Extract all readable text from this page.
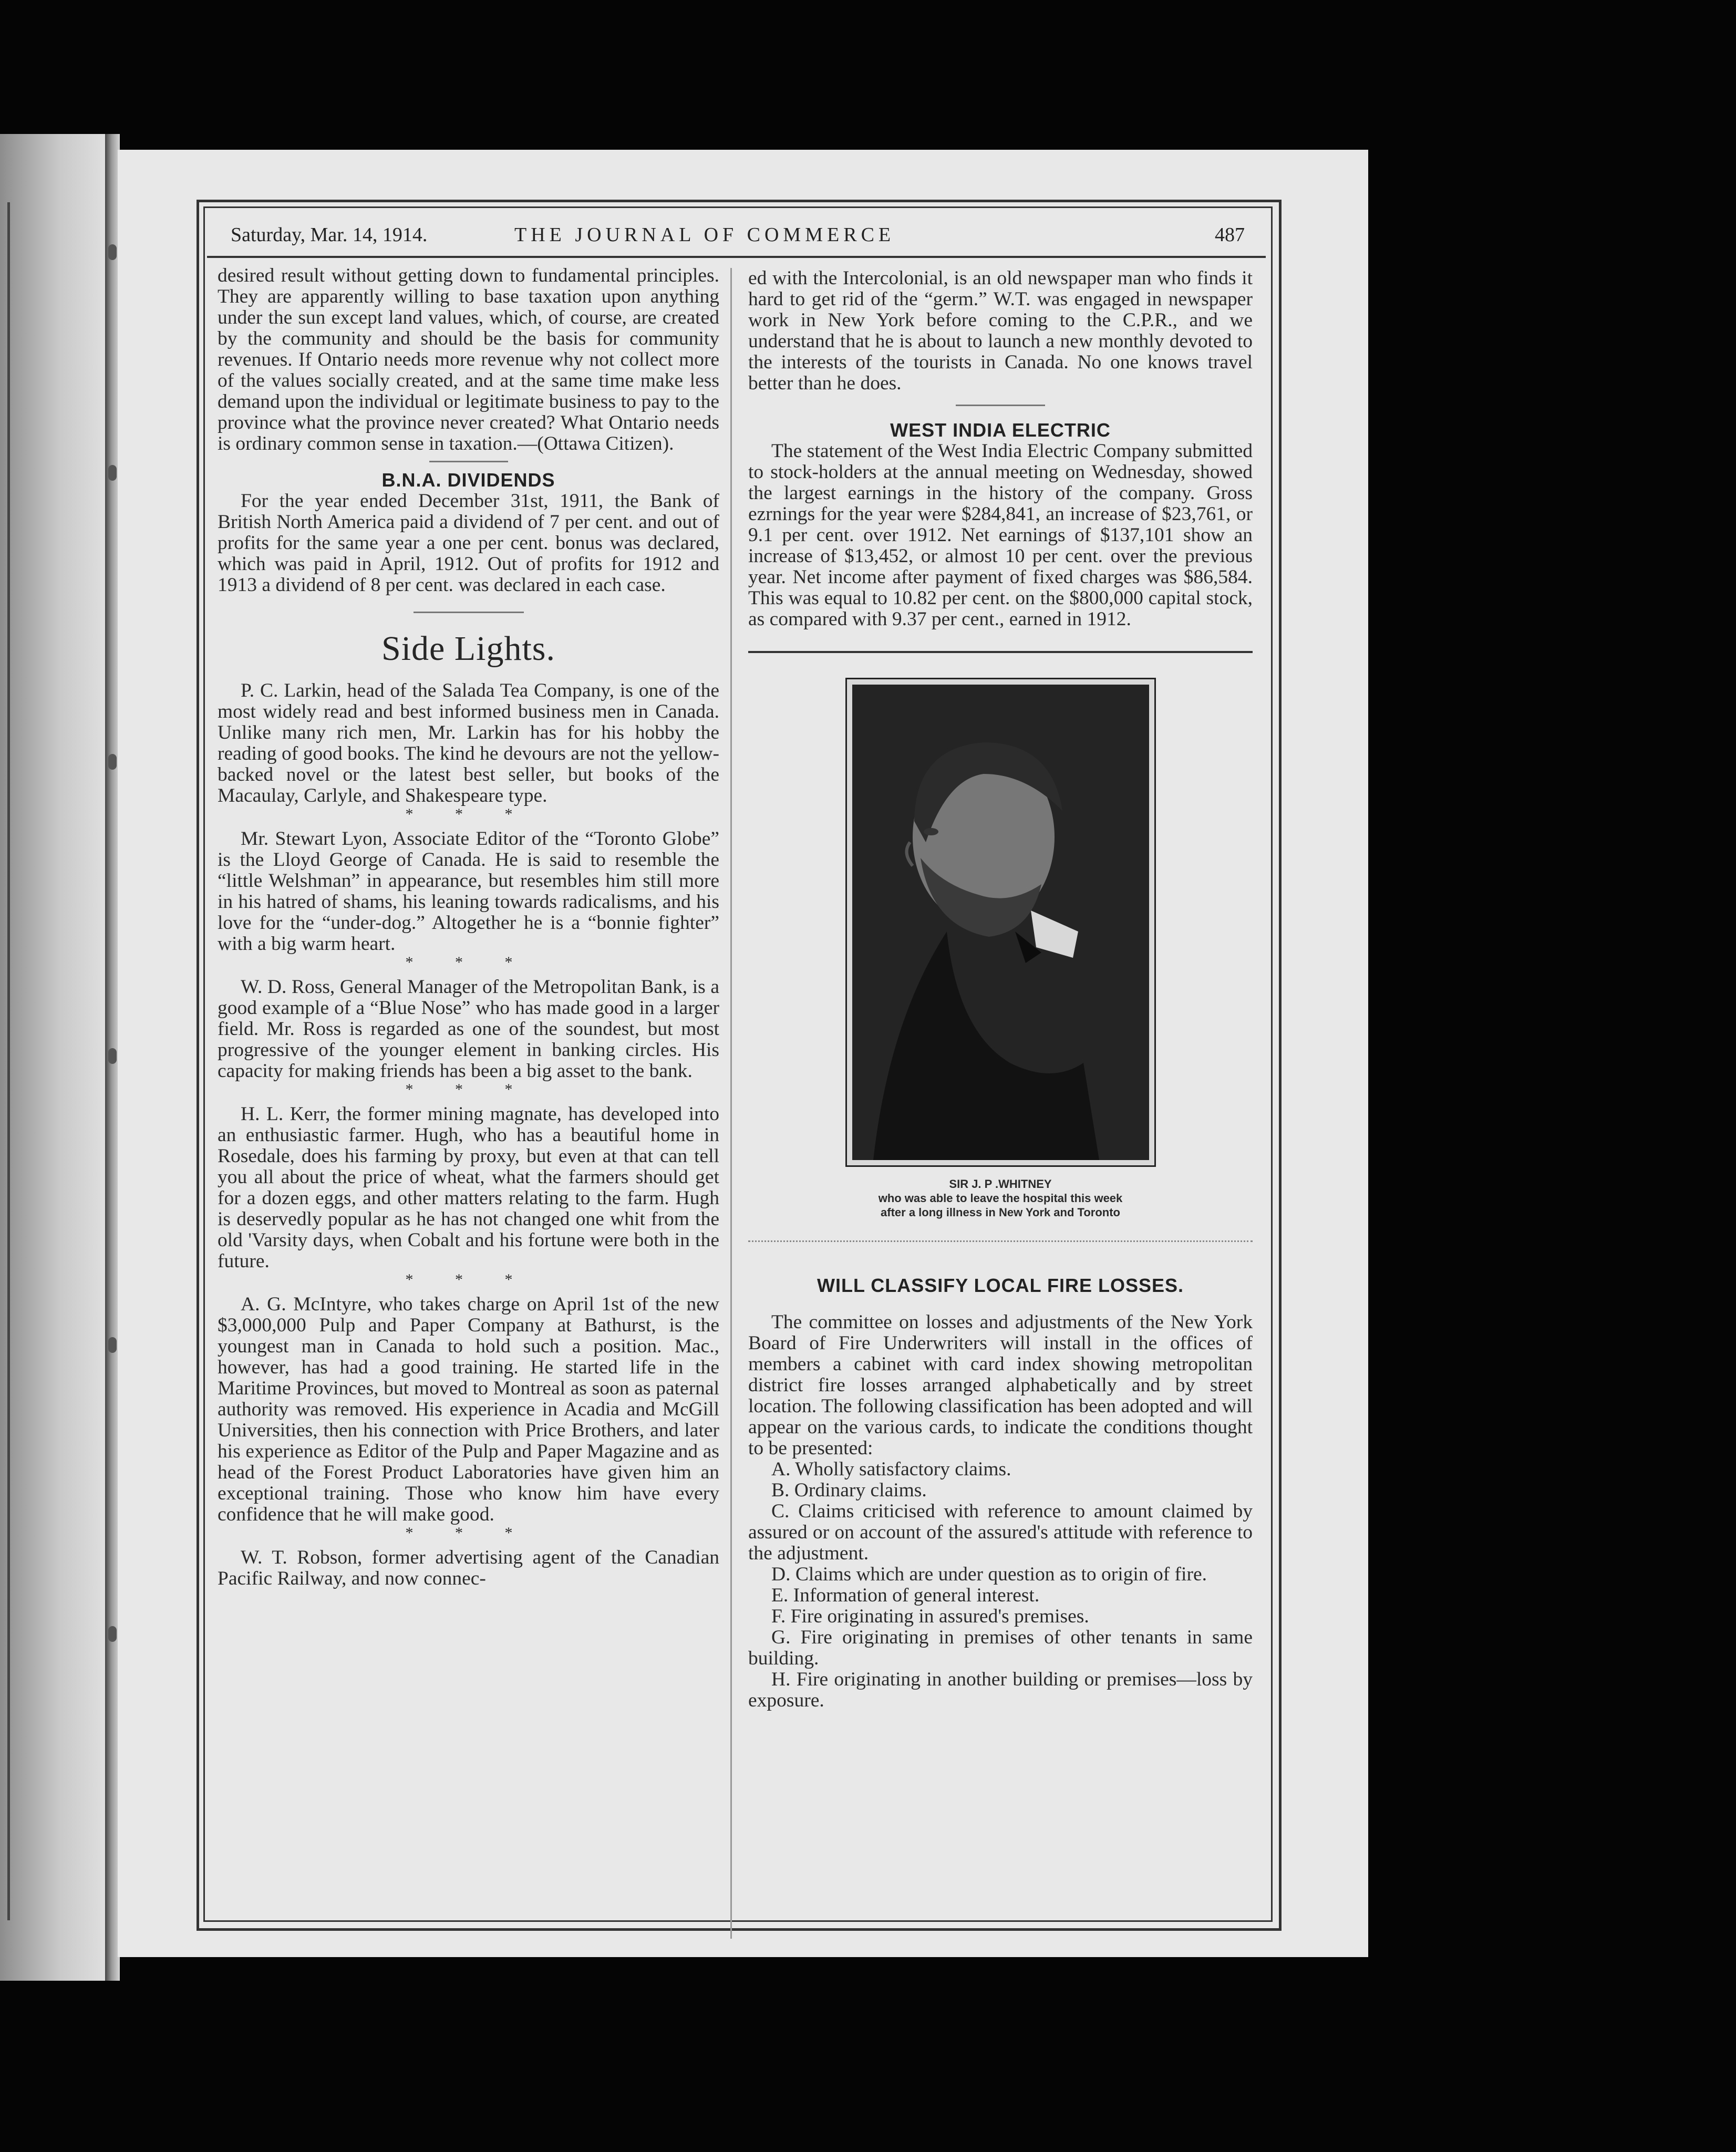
Saturday, Mar. 14, 1914.	THE JOURNAL OF COMMERCE	487

desired result without getting down to fundamental principles. They are apparently willing to base taxation upon anything under the sun except land values, which, of course, are created by the community and should be the basis for community revenues. If Ontario needs more revenue why not collect more of the values socially created, and at the same time make less demand upon the individual or legitimate business to pay to the province what the province never created? What Ontario needs is ordinary common sense in taxation.—(Ottawa Citizen).

B.N.A. DIVIDENDS

For the year ended December 31st, 1911, the Bank of British North America paid a dividend of 7 per cent. and out of profits for the same year a one per cent. bonus was declared, which was paid in April, 1912. Out of profits for 1912 and 1913 a dividend of 8 per cent. was declared in each case.

Side Lights.

P. C. Larkin, head of the Salada Tea Company, is one of the most widely read and best informed business men in Canada. Unlike many rich men, Mr. Larkin has for his hobby the reading of good books. The kind he devours are not the yellow-backed novel or the latest best seller, but books of the Macaulay, Carlyle, and Shakespeare type.

* * *

Mr. Stewart Lyon, Associate Editor of the “Toronto Globe” is the Lloyd George of Canada. He is said to resemble the “little Welshman” in appearance, but resembles him still more in his hatred of shams, his leaning towards radicalisms, and his love for the “under-dog.” Altogether he is a “bonnie fighter” with a big warm heart.

* * *

W. D. Ross, General Manager of the Metropolitan Bank, is a good example of a “Blue Nose” who has made good in a larger field. Mr. Ross is regarded as one of the soundest, but most progressive of the younger element in banking circles. His capacity for making friends has been a big asset to the bank.

* * *

H. L. Kerr, the former mining magnate, has developed into an enthusiastic farmer. Hugh, who has a beautiful home in Rosedale, does his farming by proxy, but even at that can tell you all about the price of wheat, what the farmers should get for a dozen eggs, and other matters relating to the farm. Hugh is deservedly popular as he has not changed one whit from the old 'Varsity days, when Cobalt and his fortune were both in the future.

* * *

A. G. McIntyre, who takes charge on April 1st of the new $3,000,000 Pulp and Paper Company at Bathurst, is the youngest man in Canada to hold such a position. Mac., however, has had a good training. He started life in the Maritime Provinces, but moved to Montreal as soon as paternal authority was removed. His experience in Acadia and McGill Universities, then his connection with Price Brothers, and later his experience as Editor of the Pulp and Paper Magazine and as head of the Forest Product Laboratories have given him an exceptional training. Those who know him have every confidence that he will make good.

* * *

W. T. Robson, former advertising agent of the Canadian Pacific Railway, and now connec-

ed with the Intercolonial, is an old newspaper man who finds it hard to get rid of the “germ.” W.T. was engaged in newspaper work in New York before coming to the C.P.R., and we understand that he is about to launch a new monthly devoted to the interests of the tourists in Canada. No one knows travel better than he does.

WEST INDIA ELECTRIC

The statement of the West India Electric Company submitted to stock-holders at the annual meeting on Wednesday, showed the largest earnings in the history of the company. Gross ezrnings for the year were $284,841, an increase of $23,761, or 9.1 per cent. over 1912. Net earnings of $137,101 show an increase of $13,452, or almost 10 per cent. over the previous year. Net income after payment of fixed charges was $86,584. This was equal to 10.82 per cent. on the $800,000 capital stock, as compared with 9.37 per cent., earned in 1912.

SIR J. P .WHITNEY
who was able to leave the hospital this week
after a long illness in New York and Toronto
WILL CLASSIFY LOCAL FIRE LOSSES.

The committee on losses and adjustments of the New York Board of Fire Underwriters will install in the offices of members a cabinet with card index showing metropolitan district fire losses arranged alphabetically and by street location. The following classification has been adopted and will appear on the various cards, to indicate the conditions thought to be presented:

A. Wholly satisfactory claims.

B. Ordinary claims.

C. Claims criticised with reference to amount claimed by assured or on account of the assured's attitude with reference to the adjustment.

D. Claims which are under question as to origin of fire.

E. Information of general interest.

F. Fire originating in assured's premises.

G. Fire originating in premises of other tenants in same building.

H. Fire originating in another building or premises—loss by exposure.
